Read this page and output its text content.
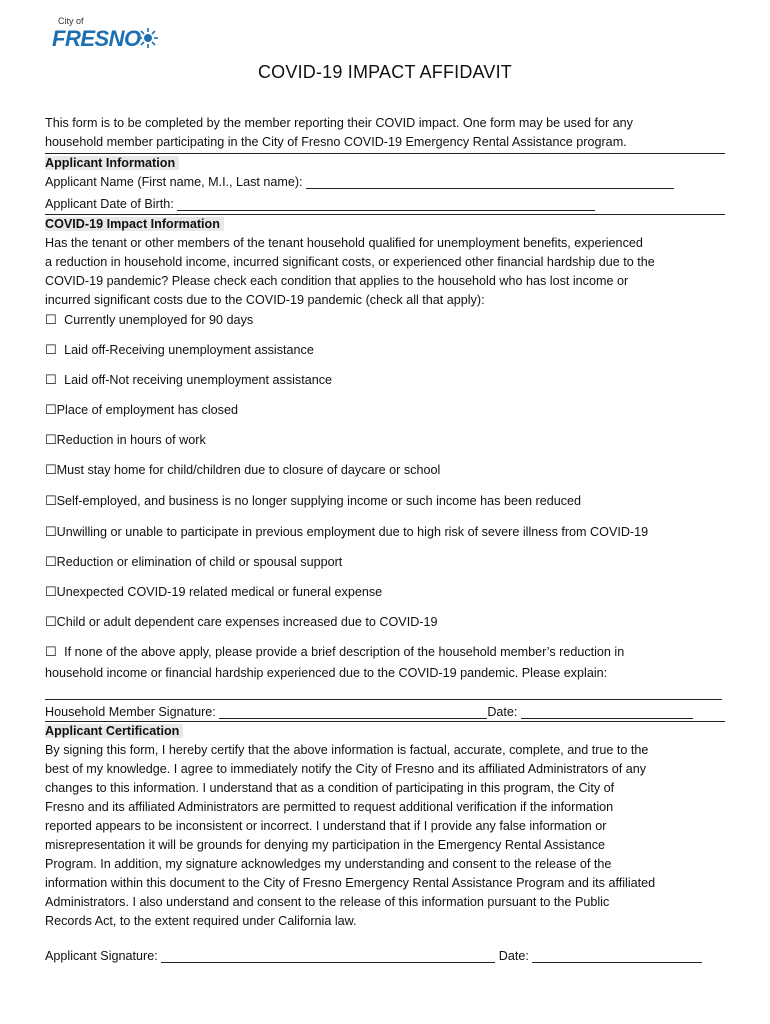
City of
FRESNO
COVID-19 IMPACT AFFIDAVIT
This form is to be completed by the member reporting their COVID impact. One form may be used for any
household member participating in the City of Fresno COVID-19 Emergency Rental Assistance program.
Applicant Information
Applicant Name (First name, M.I., Last name):
Applicant Date of Birth:
COVID-19 Impact Information
Has the tenant or other members of the tenant household qualified for unemployment benefits, experienced
a reduction in household income, incurred significant costs, or experienced other financial hardship due to the
COVID-19 pandemic? Please check each condition that applies to the household who has lost income or
incurred significant costs due to the COVID-19 pandemic (check all that apply):
☐ Currently unemployed for 90 days
☐ Laid off-Receiving unemployment assistance
☐ Laid off-Not receiving unemployment assistance
☐Place of employment has closed
☐Reduction in hours of work
☐Must stay home for child/children due to closure of daycare or school
☐Self-employed, and business is no longer supplying income or such income has been reduced
☐Unwilling or unable to participate in previous employment due to high risk of severe illness from COVID-19
☐Reduction or elimination of child or spousal support
☐Unexpected COVID-19 related medical or funeral expense
☐Child or adult dependent care expenses increased due to COVID-19
☐ If none of the above apply, please provide a brief description of the household member’s reduction in
household income or financial hardship experienced due to the COVID-19 pandemic. Please explain:
Household Member Signature:	Date:
Applicant Certification
By signing this form, I hereby certify that the above information is factual, accurate, complete, and true to the
best of my knowledge. I agree to immediately notify the City of Fresno and its affiliated Administrators of any
changes to this information. I understand that as a condition of participating in this program, the City of
Fresno and its affiliated Administrators are permitted to request additional verification if the information
reported appears to be inconsistent or incorrect. I understand that if I provide any false information or
misrepresentation it will be grounds for denying my participation in the Emergency Rental Assistance
Program. In addition, my signature acknowledges my understanding and consent to the release of the
information within this document to the City of Fresno Emergency Rental Assistance Program and its affiliated
Administrators. I also understand and consent to the release of this information pursuant to the Public
Records Act, to the extent required under California law.
Applicant Signature:	Date:
